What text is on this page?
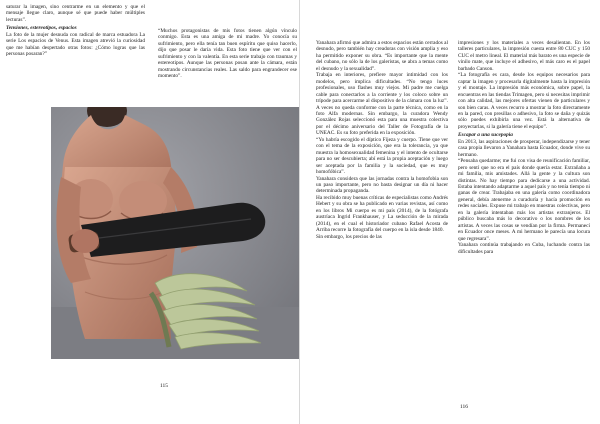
saturar la imagen, sino centrarme en un elemento y que el mensaje llegue claro, aunque sé que puede haber múltiples lecturas”.

Tensiones, estereotipos, espacios

La foto de la mujer desnuda con radical de marca estuadora La serie Los espacios de Venus. Esta imagen atrevió la curiosidad que me habían despertado otras fotos: ¿Cómo logras que las personas posaran?”

“Muchos protagonistas de mis fotos tienen algún vínculo conmigo. Esta es una amiga de mi madre. Yo conocía su sufrimiento, pero ella tenía tan buen espíritu que quiso hacerlo, dijo que posar le daría vida. Esta foto tiene que ver con el sufrimiento y con la valentía. En esta serie trabajo con traumas y estereotipos. Aunque las personas posan ante la cámara, están mostrando circunstancias reales. Las saldo para engrandecer ese momento”.

115

Yanahara afirmó que admira a estos espacios están cerrados al desnudo, pero también hay creadoras con visión amplia y eso ha permitido exponer su obra. “Es importante que la mente del cubano, no sólo la de los galeristas, se abra a temas como el desnudo y la sexualidad”.

Trabaja en interiores, prefiere mayor intimidad con los modelos, pero implica dificultades. “No tengo luces profesionales, uso flashes muy viejos. Mi padre me cuelga cable para conectarlos a la corriente y los coloco sobre un trípode para acercarme al dispositivo de la cámara con la luz”.

A veces no queda conforme con la parte técnica, como en la foto Alfa modernas. Sin embargo, la curadora Wendy González Rojas seleccionó esta para una muestra colectiva por el décimo aniversario del Taller de Fotografía de la UNEAC. Es su foto preferida en la exposición.

“Yo habría escogido el díptico Fijeza y cuerpo. Tiene que ver con el tema de la exposición, que era la tolerancia, ya que muestra la homosexualidad femenina y el intento de ocultarse para no ser descubierta; abí está la propia aceptación y luego ser aceptada por la familia y la sociedad, que es muy homofóbica”.

Yanahara considera que las jornadas contra la homofobia son un paso importante, pero no basta designar un día ni hacer determinada propaganda.

Ha recibido muy buenas críticas de especialistas como Andrés Hebert y su obra se ha publicado en varias revistas, así como en los libros Mi cuerpo es mi país (2014), de la fotógrafa austríaca Ingrid Frankhauser, y La seducción de la mirada (2014), en el cual el historiador cubano Rafael Acosta de Arriba recorre la fotografía del cuerpo en la isla desde 1840.

Sin embargo, los precios de las

impresiones y los materiales a veces desalientan. En los talleres particulares, la impresión cuesta entre 80 CUC y 150 CUC el metro lineal. El material más barato es una especie de vinilo mate, que incluye el adhesivo, el más caro es el papel barbado Canson.

“La fotografía es cara, desde los equipos necesarios para captar la imagen y procesarla digitalmente hasta la impresión y el montaje. La impresión más económica, sobre papel, la encuentras en las tiendas Trimagen, pero si necesitas imprimir con alta calidad, las mejores ofertas vienen de particulares y son bien caras. A veces recurro a mostrar la foto directamente en la pared, con presillas o adhesivo, la foto se daña y quizás sólo puedes exhibirla una vez. Está la alternativa de proyectarlas, si la galería tiene el equipo”.

Escapar a una sucepopia

En 2013, las aspiraciones de prosperar, independizarse y tener casa propia llevaron a Yanahara hasta Ecuador, donde vive su hermano.

“Pensaba quedarme; me fui con visa de reunificación familiar, pero sentí que no era el país donde quería estar. Extrañaba a mi familia, mis amistades. Allá la gente y la cultura son distintas. No hay tiempo para dedicarse a una actividad. Estaba intentando adaptarme a aquel país y no tenía tiempo ni ganas de crear. Trabajaba en una galería como coordinadora general, debía atenerme a curaduría y hacía promoción en redes sociales. Expuse mi trabajo en muestras colectivas, pero en la galería intentaban más los artistas extranjeros. El público buscaba más lo decorativo o los nombres de los artistas. A veces las cosas se vendían por la firma. Permanecí en Ecuador once meses. A mi hermano le parecía una locura que regresara”.

Yanahara continúa trabajando en Cuba, luchando contra las dificultades para

116
